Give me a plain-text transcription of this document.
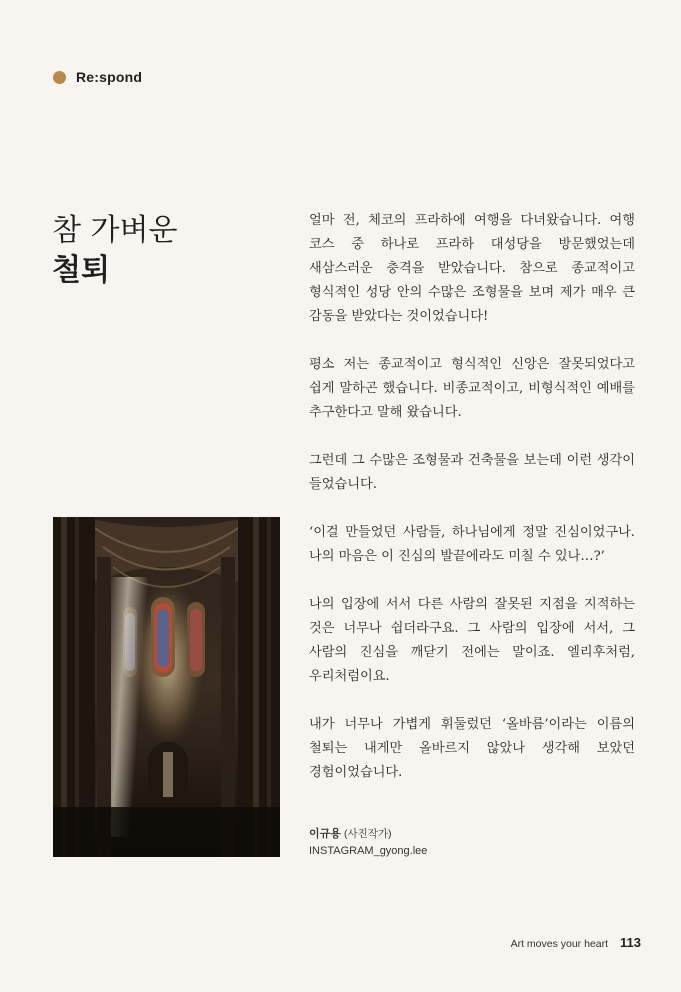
Re:spond
참 가벼운
철퇴

얼마 전, 체코의 프라하에 여행을 다녀왔습니다. 여행 코스 중 하나로 프라하 대성당을 방문했었는데 새삼스러운 충격을 받았습니다. 참으로 종교적이고 형식적인 성당 안의 수많은 조형물을 보며 제가 매우 큰 감동을 받았다는 것이었습니다!

평소 저는 종교적이고 형식적인 신앙은 잘못되었다고 쉽게 말하곤 했습니다. 비종교적이고, 비형식적인 예배를 추구한다고 말해 왔습니다.

그런데 그 수많은 조형물과 건축물을 보는데 이런 생각이 들었습니다.

‘이걸 만들었던 사람들, 하나님에게 정말 진심이었구나. 나의 마음은 이 진심의 발끝에라도 미칠 수 있나…?’

나의 입장에 서서 다른 사람의 잘못된 지점을 지적하는 것은 너무나 쉽더라구요. 그 사람의 입장에 서서, 그 사람의 진심을 깨닫기 전에는 말이죠. 엘리후처럼, 우리처럼이요.

내가 너무나 가볍게 휘둘렀던 ‘올바름’이라는 이름의 철퇴는 내게만 올바르지 않았나 생각해 보았던 경험이었습니다.

이규용 (사진작가)
INSTAGRAM_gyong.lee
Art moves your heart 113
